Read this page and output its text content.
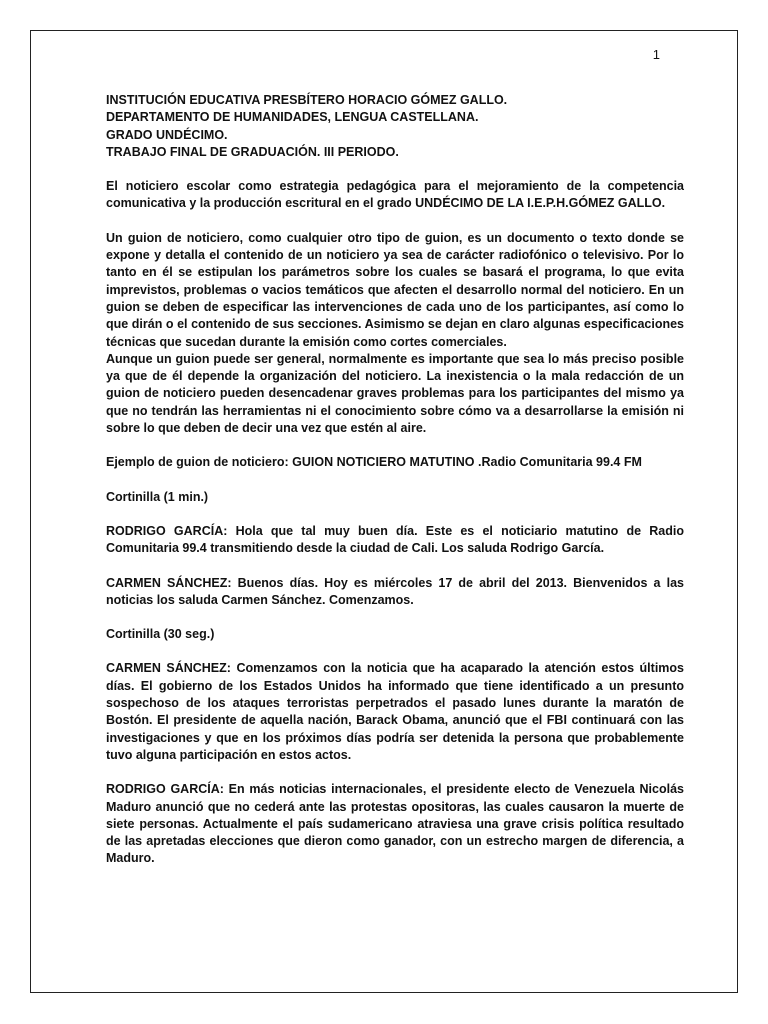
1

INSTITUCIÓN EDUCATIVA PRESBÍTERO HORACIO GÓMEZ GALLO.

DEPARTAMENTO DE HUMANIDADES, LENGUA CASTELLANA.

GRADO UNDÉCIMO.

TRABAJO FINAL DE GRADUACIÓN. III PERIODO.

El noticiero escolar como estrategia pedagógica para el mejoramiento de la competencia comunicativa y la producción escritural en el grado UNDÉCIMO DE LA I.E.P.H.GÓMEZ GALLO.

Un guion de noticiero, como cualquier otro tipo de guion, es un documento o texto donde se expone y detalla el contenido de un noticiero ya sea de carácter radiofónico o televisivo. Por lo tanto en él se estipulan los parámetros sobre los cuales se basará el programa, lo que evita imprevistos, problemas o vacios temáticos que afecten el desarrollo normal del noticiero. En un guion se deben de especificar las intervenciones de cada uno de los participantes, así como lo que dirán o el contenido de sus secciones. Asimismo se dejan en claro algunas especificaciones técnicas que sucedan durante la emisión como cortes comerciales.

Aunque un guion puede ser general, normalmente es importante que sea lo más preciso posible ya que de él depende la organización del noticiero. La inexistencia o la mala redacción de un guion de noticiero pueden desencadenar graves problemas para los participantes del mismo ya que no tendrán las herramientas ni el conocimiento sobre cómo va a desarrollarse la emisión ni sobre lo que deben de decir una vez que estén al aire.

Ejemplo de guion de noticiero: GUION NOTICIERO MATUTINO .Radio Comunitaria 99.4 FM

Cortinilla (1 min.)

RODRIGO GARCÍA: Hola que tal muy buen día. Este es el noticiario matutino de Radio Comunitaria 99.4 transmitiendo desde la ciudad de Cali. Los saluda Rodrigo García.

CARMEN SÁNCHEZ: Buenos días. Hoy es miércoles 17 de abril del 2013. Bienvenidos a las noticias los saluda Carmen Sánchez. Comenzamos.

Cortinilla (30 seg.)

CARMEN SÁNCHEZ: Comenzamos con la noticia que ha acaparado la atención estos últimos días. El gobierno de los Estados Unidos ha informado que tiene identificado a un presunto sospechoso de los ataques terroristas perpetrados el pasado lunes durante la maratón de Bostón. El presidente de aquella nación, Barack Obama, anunció que el FBI continuará con las investigaciones y que en los próximos días podría ser detenida la persona que probablemente tuvo alguna participación en estos actos.

RODRIGO GARCÍA: En más noticias internacionales, el presidente electo de Venezuela Nicolás Maduro anunció que no cederá ante las protestas opositoras, las cuales causaron la muerte de siete personas. Actualmente el país sudamericano atraviesa una grave crisis política resultado de las apretadas elecciones que dieron como ganador, con un estrecho margen de diferencia, a Maduro.
